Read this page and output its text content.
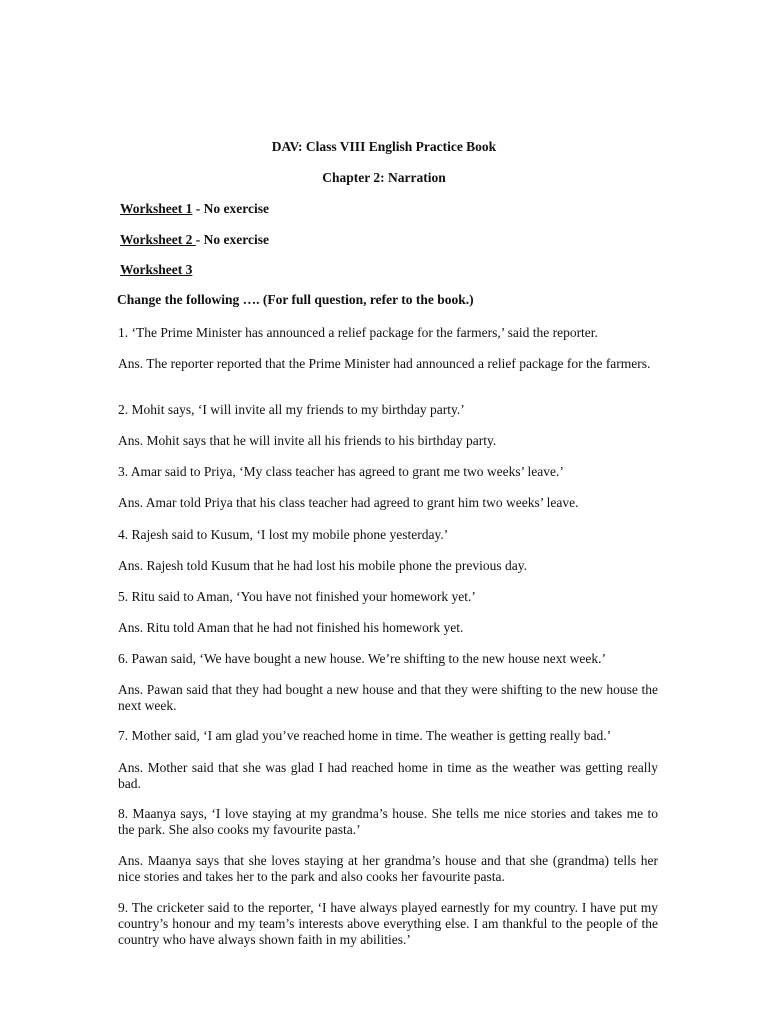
DAV: Class VIII English Practice Book
Chapter 2: Narration
Worksheet 1 - No exercise
Worksheet 2 - No exercise
Worksheet 3
Change the following …. (For full question, refer to the book.)
1. ‘The Prime Minister has announced a relief package for the farmers,’ said the reporter.
Ans. The reporter reported that the Prime Minister had announced a relief package for the farmers.
2. Mohit says, ‘I will invite all my friends to my birthday party.’
Ans. Mohit says that he will invite all his friends to his birthday party.
3. Amar said to Priya, ‘My class teacher has agreed to grant me two weeks’ leave.’
Ans. Amar told Priya that his class teacher had agreed to grant him two weeks’ leave.
4. Rajesh said to Kusum, ‘I lost my mobile phone yesterday.’
Ans. Rajesh told Kusum that he had lost his mobile phone the previous day.
5. Ritu said to Aman, ‘You have not finished your homework yet.’
Ans. Ritu told Aman that he had not finished his homework yet.
6. Pawan said, ‘We have bought a new house. We’re shifting to the new house next week.’
Ans. Pawan said that they had bought a new house and that they were shifting to the new house the next week.
7. Mother said, ‘I am glad you’ve reached home in time. The weather is getting really bad.’
Ans. Mother said that she was glad I had reached home in time as the weather was getting really bad.
8. Maanya says, ‘I love staying at my grandma’s house. She tells me nice stories and takes me to the park. She also cooks my favourite pasta.’
Ans. Maanya says that she loves staying at her grandma’s house and that she (grandma) tells her nice stories and takes her to the park and also cooks her favourite pasta.
9. The cricketer said to the reporter, ‘I have always played earnestly for my country. I have put my country’s honour and my team’s interests above everything else. I am thankful to the people of the country who have always shown faith in my abilities.’
